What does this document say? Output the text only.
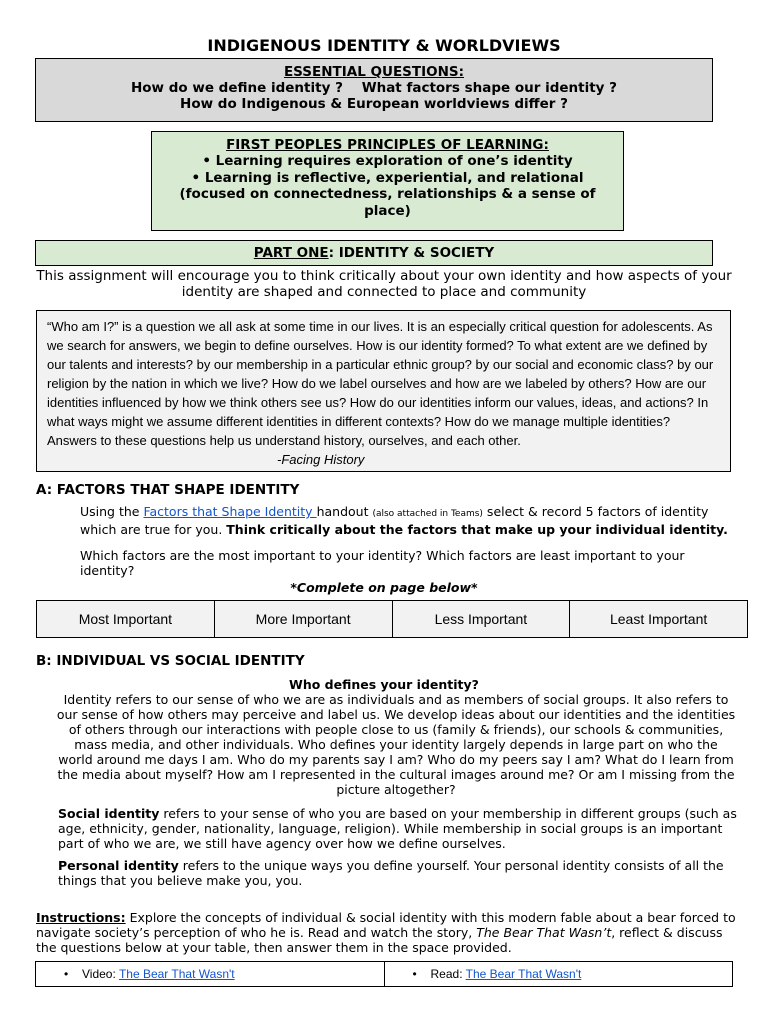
INDIGENOUS IDENTITY & WORLDVIEWS
ESSENTIAL QUESTIONS:
How do we define identity ?    What factors shape our identity ?
How do Indigenous & European worldviews differ ?
FIRST PEOPLES PRINCIPLES OF LEARNING:
• Learning requires exploration of one’s identity
• Learning is reflective, experiential, and relational
(focused on connectedness, relationships & a sense of
place)
PART ONE: IDENTITY & SOCIETY
This assignment will encourage you to think critically about your own identity and how aspects of your identity are shaped and connected to place and community
“Who am I?” is a question we all ask at some time in our lives. It is an especially critical question for adolescents. As we search for answers, we begin to define ourselves. How is our identity formed? To what extent are we defined by our talents and interests? by our membership in a particular ethnic group? by our social and economic class? by our religion by the nation in which we live? How do we label ourselves and how are we labeled by others? How are our identities influenced by how we think others see us? How do our identities inform our values, ideas, and actions? In what ways might we assume different identities in different contexts? How do we manage multiple identities? Answers to these questions help us understand history, ourselves, and each other. -Facing History
A: FACTORS THAT SHAPE IDENTITY
Using the Factors that Shape Identity handout (also attached in Teams) select & record 5 factors of identity which are true for you. Think critically about the factors that make up your individual identity.
Which factors are the most important to your identity? Which factors are least important to your identity?
*Complete on page below*
Most Important	More Important	Less Important	Least Important
B: INDIVIDUAL VS SOCIAL IDENTITY
Who defines your identity?
Identity refers to our sense of who we are as individuals and as members of social groups. It also refers to our sense of how others may perceive and label us. We develop ideas about our identities and the identities of others through our interactions with people close to us (family & friends), our schools & communities, mass media, and other individuals. Who defines your identity largely depends in large part on who the world around me days I am. Who do my parents say I am? Who do my peers say I am? What do I learn from the media about myself? How am I represented in the cultural images around me? Or am I missing from the picture altogether?
Social identity refers to your sense of who you are based on your membership in different groups (such as age, ethnicity, gender, nationality, language, religion). While membership in social groups is an important part of who we are, we still have agency over how we define ourselves.
Personal identity refers to the unique ways you define yourself. Your personal identity consists of all the things that you believe make you, you.
Instructions: Explore the concepts of individual & social identity with this modern fable about a bear forced to navigate society’s perception of who he is. Read and watch the story, The Bear That Wasn’t, reflect & discuss the questions below at your table, then answer them in the space provided.
• Video: The Bear That Wasn't	• Read: The Bear That Wasn't
